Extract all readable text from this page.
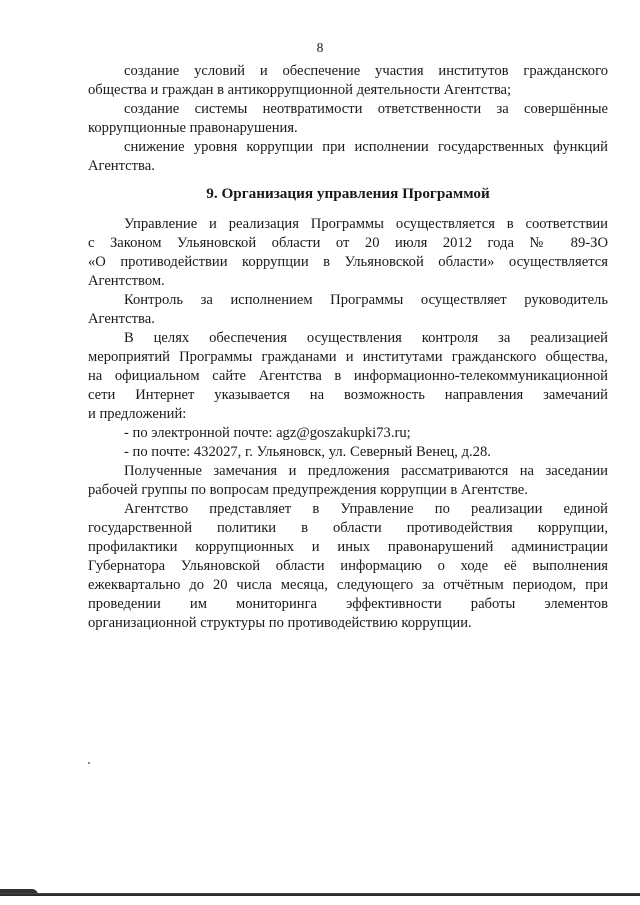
8
создание условий и обеспечение участия институтов гражданского
общества и граждан в антикоррупционной деятельности Агентства;
создание системы неотвратимости ответственности за совершённые
коррупционные правонарушения.
снижение уровня коррупции при исполнении государственных функций
Агентства.
9. Организация управления Программой
Управление и реализация Программы осуществляется в соответствии
с Законом Ульяновской области от 20 июля 2012 года № 89-ЗО
«О противодействии коррупции в Ульяновской области» осуществляется
Агентством.
Контроль за исполнением Программы осуществляет руководитель
Агентства.
В целях обеспечения осуществления контроля за реализацией
мероприятий Программы гражданами и институтами гражданского общества,
на официальном сайте Агентства в информационно-телекоммуникационной
сети Интернет указывается на возможность направления замечаний
и предложений:
- по электронной почте: agz@goszakupki73.ru;
- по почте: 432027, г. Ульяновск, ул. Северный Венец, д.28.
Полученные замечания и предложения рассматриваются на заседании
рабочей группы по вопросам предупреждения коррупции в Агентстве.
Агентство представляет в Управление по реализации единой
государственной политики в области противодействия коррупции,
профилактики коррупционных и иных правонарушений администрации
Губернатора Ульяновской области информацию о ходе её выполнения
ежеквартально до 20 числа месяца, следующего за отчётным периодом, при
проведении им мониторинга эффективности работы элементов
организационной структуры по противодействию коррупции.
